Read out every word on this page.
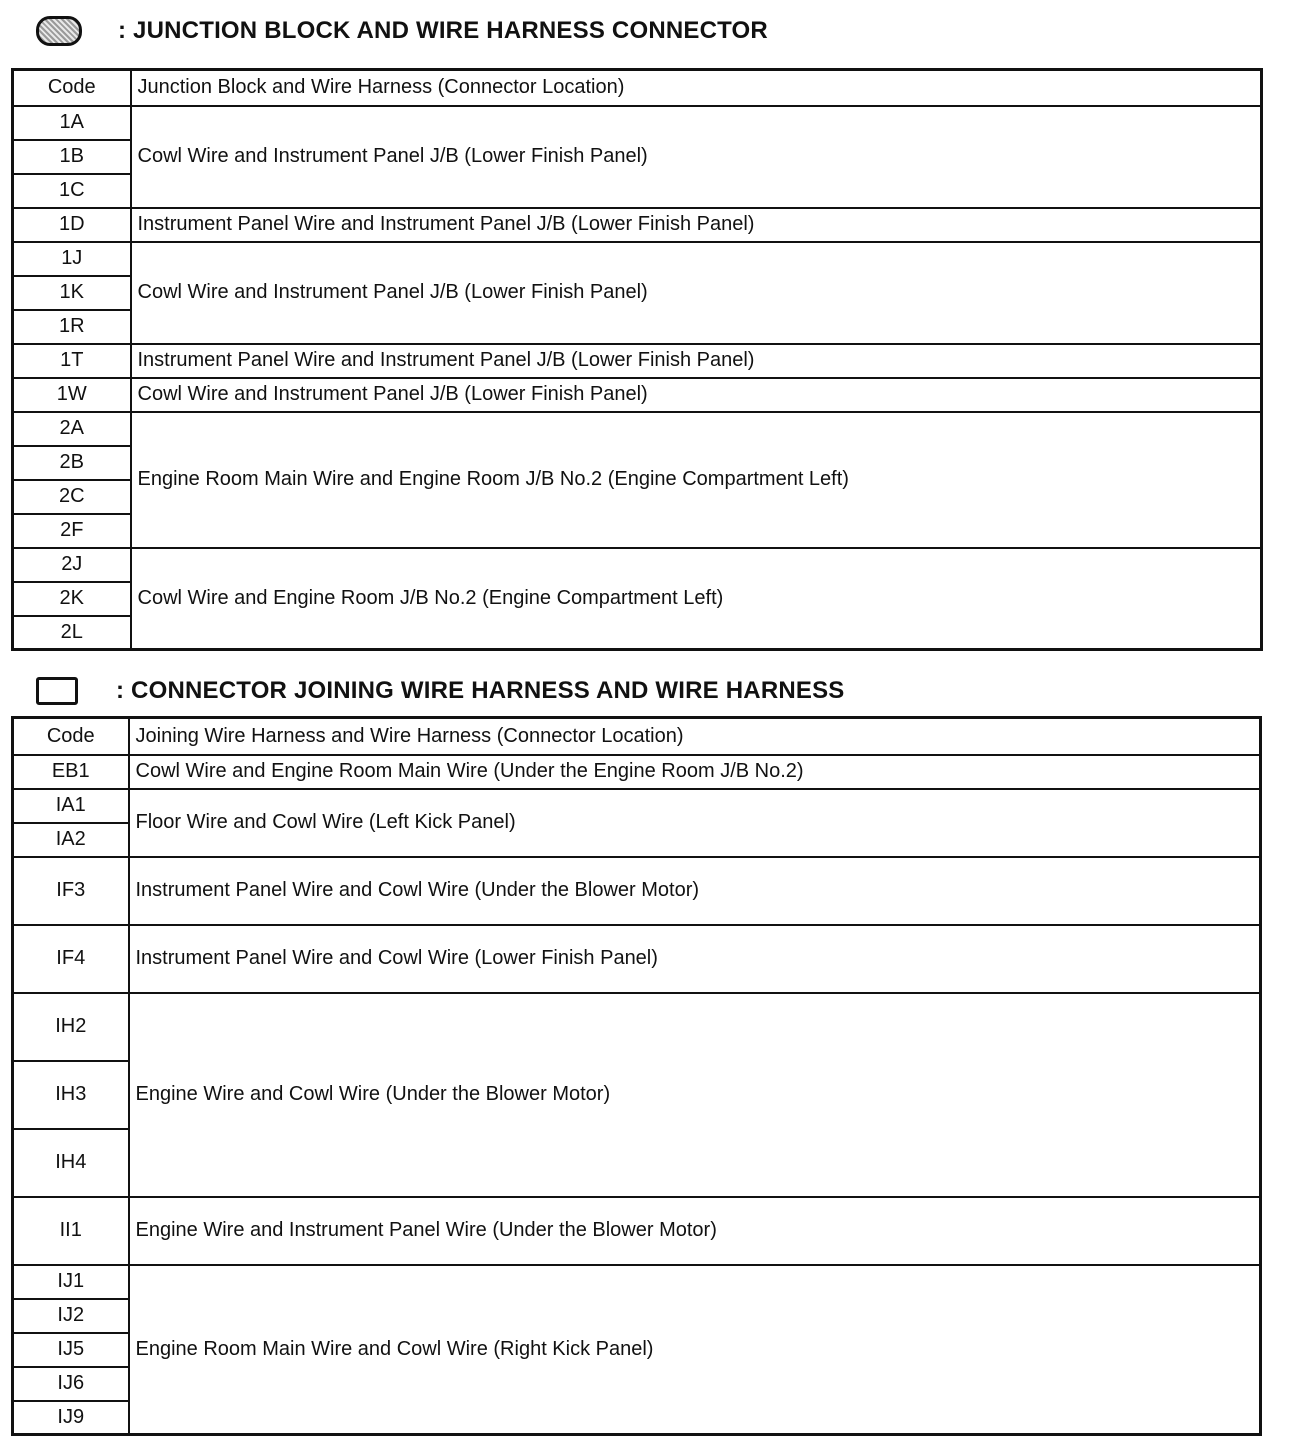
: JUNCTION BLOCK AND WIRE HARNESS CONNECTOR
Code	Junction Block and Wire Harness (Connector Location)
1A	Cowl Wire and Instrument Panel J/B (Lower Finish Panel)
1B	
1C	
1D	Instrument Panel Wire and Instrument Panel J/B (Lower Finish Panel)
1J	Cowl Wire and Instrument Panel J/B (Lower Finish Panel)
1K	
1R	
1T	Instrument Panel Wire and Instrument Panel J/B (Lower Finish Panel)
1W	Cowl Wire and Instrument Panel J/B (Lower Finish Panel)
2A	Engine Room Main Wire and Engine Room J/B No.2 (Engine Compartment Left)
2B	
2C	
2F	
2J	Cowl Wire and Engine Room J/B No.2 (Engine Compartment Left)
2K	
2L	
: CONNECTOR JOINING WIRE HARNESS AND WIRE HARNESS
Code	Joining Wire Harness and Wire Harness (Connector Location)
EB1	Cowl Wire and Engine Room Main Wire (Under the Engine Room J/B No.2)
IA1	Floor Wire and Cowl Wire (Left Kick Panel)
IA2	
IF3	Instrument Panel Wire and Cowl Wire (Under the Blower Motor)
IF4	Instrument Panel Wire and Cowl Wire (Lower Finish Panel)
IH2	Engine Wire and Cowl Wire (Under the Blower Motor)
IH3	
IH4	
II1	Engine Wire and Instrument Panel Wire (Under the Blower Motor)
IJ1	Engine Room Main Wire and Cowl Wire (Right Kick Panel)
IJ2	
IJ5	
IJ6	
IJ9	
